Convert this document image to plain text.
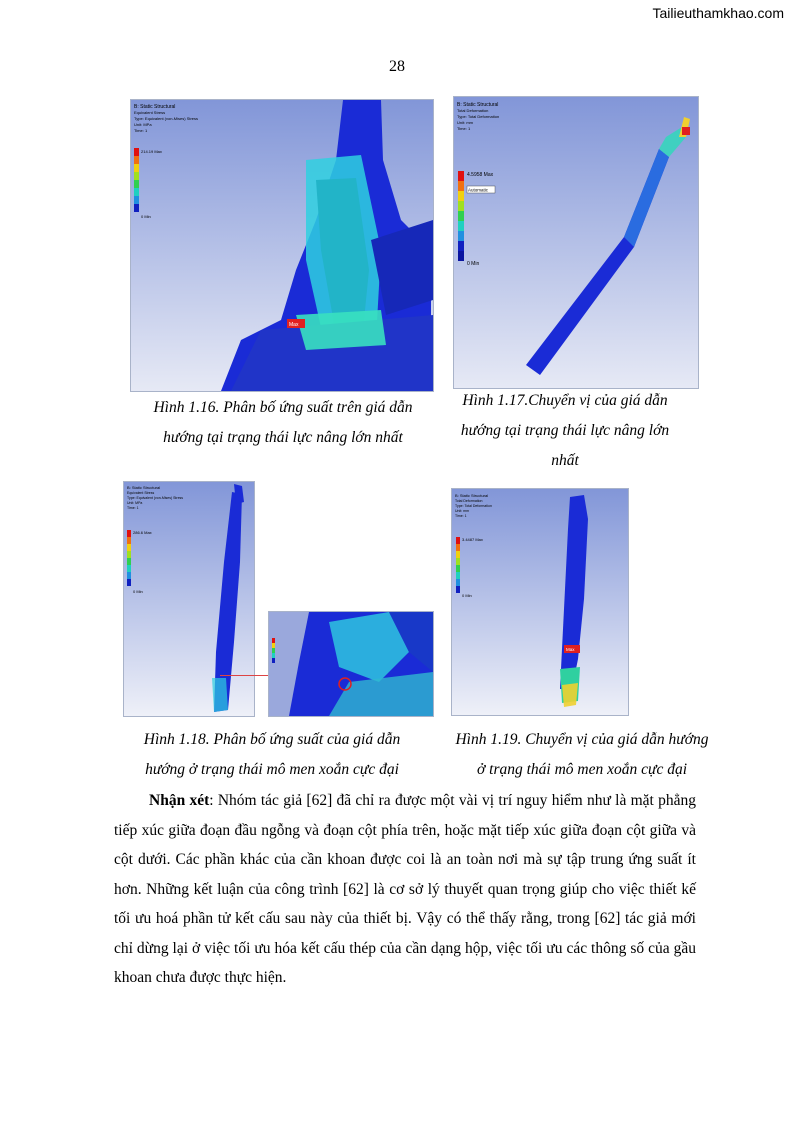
Tailieuthamkhao.com
28
B: Static Structural
Equivalent Stress
Type: Equivalent (von-Mises) Stress
Unit: MPa
Time: 1
214.19 Max
0 Min
Max
Hình 1.16. Phân bố ứng suất trên giá dẫn
hướng tại trạng thái lực nâng lớn nhất
B: Static Structural
Total Deformation
Type: Total Deformation
Unit: mm
Time: 1
4.5958 Max
Automatic
0 Min
Hình 1.17.Chuyển vị của giá dẫn
hướng tại trạng thái lực nâng lớn
nhất
B: Static Structural
Equivalent Stress
Type: Equivalent (von-Mises) Stress
Unit: MPa
Time: 1
286.6 Max
0 Min
Hình 1.18. Phân bố ứng suất của giá dẫn
hướng ở trạng thái mô men xoắn cực đại
B: Static Structural
Total Deformation
Type: Total Deformation
Unit: mm
Time: 1
3.4487 Max
0 Min
Max
Hình 1.19. Chuyển vị của giá dẫn hướng
ở trạng thái mô men xoắn cực đại
Nhận xét: Nhóm tác giả [62] đã chỉ ra được một vài vị trí nguy hiểm như là mặt phẳng tiếp xúc giữa đoạn đầu ngỗng và đoạn cột phía trên, hoặc mặt tiếp xúc giữa đoạn cột giữa và cột dưới. Các phần khác của cần khoan được coi là an toàn nơi mà sự tập trung ứng suất ít hơn. Những kết luận của công trình [62] là cơ sở lý thuyết quan trọng giúp cho việc thiết kế tối ưu hoá phần tử kết cấu sau này của thiết bị. Vậy có thể thấy rằng, trong [62] tác giả mới chỉ dừng lại ở việc tối ưu hóa kết cấu thép của cần dạng hộp, việc tối ưu các thông số của gầu khoan chưa được thực hiện.
